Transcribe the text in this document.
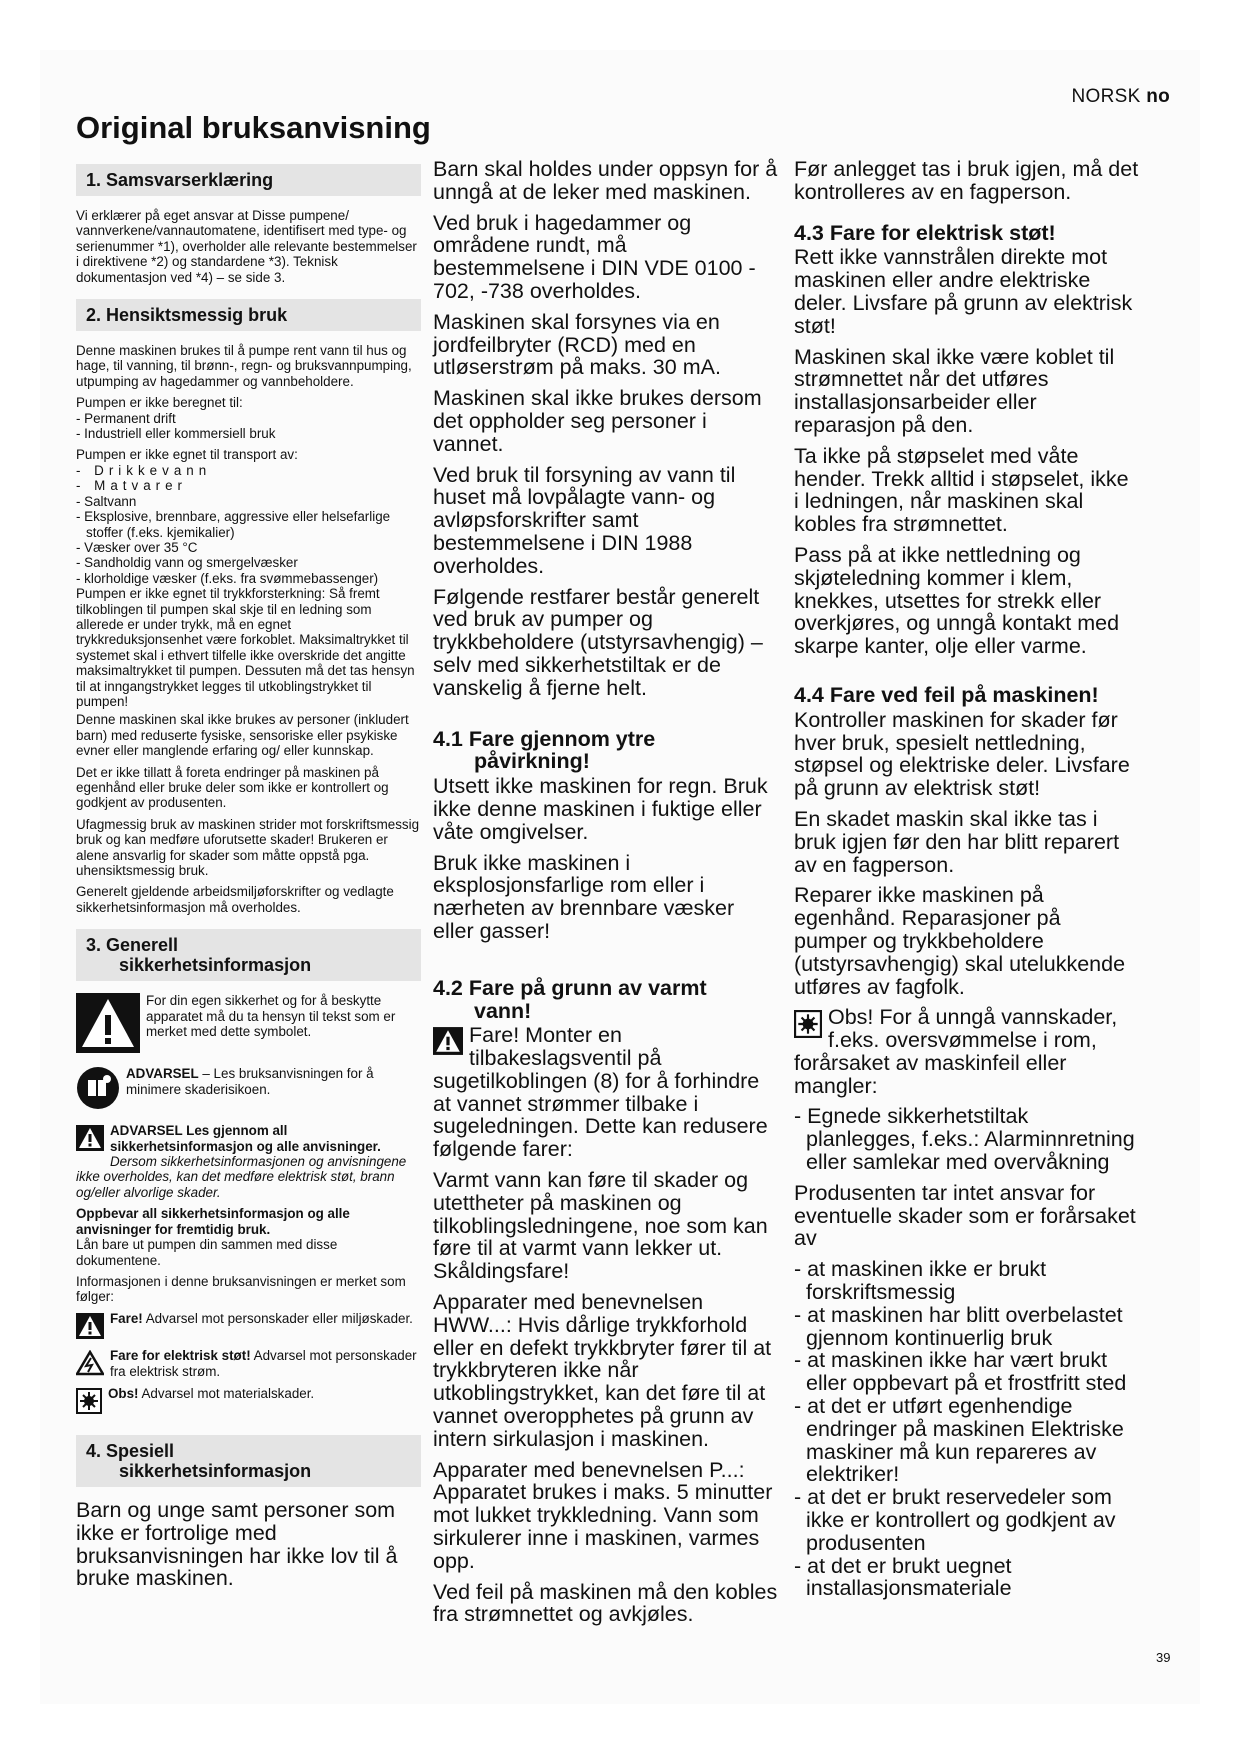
NORSK no
Original bruksanvisning
1. Samsvarserklæring

Vi erklærer på eget ansvar at Disse pumpene/ vannverkene/vannautomatene, identifisert med type- og serienummer *1), overholder alle relevante bestemmelser i direktivene *2) og standardene *3). Teknisk dokumentasjon ved *4) – se side 3.

2. Hensiktsmessig bruk

Denne maskinen brukes til å pumpe rent vann til hus og hage, til vanning, til brønn-, regn- og bruksvannpumping, utpumping av hagedammer og vannbeholdere.

Pumpen er ikke beregnet til:
- Permanent drift
- Industriell eller kommersiell bruk
Pumpen er ikke egnet til transport av:
- Drikkevann
- Matvarer
- Saltvann
- Eksplosive, brennbare, aggressive eller helsefarlige stoffer (f.eks. kjemikalier)
- Væsker over 35 °C
- Sandholdig vann og smergelvæsker
- klorholdige væsker (f.eks. fra svømmebassenger)

Pumpen er ikke egnet til trykkforsterkning: Så fremt tilkoblingen til pumpen skal skje til en ledning som allerede er under trykk, må en egnet trykkreduksjonsenhet være forkoblet. Maksimaltrykket til systemet skal i ethvert tilfelle ikke overskride det angitte maksimaltrykket til pumpen. Dessuten må det tas hensyn til at inngangstrykket legges til utkoblingstrykket til pumpen!

Denne maskinen skal ikke brukes av personer (inkludert barn) med reduserte fysiske, sensoriske eller psykiske evner eller manglende erfaring og/ eller kunnskap.

Det er ikke tillatt å foreta endringer på maskinen på egenhånd eller bruke deler som ikke er kontrollert og godkjent av produsenten.

Ufagmessig bruk av maskinen strider mot forskriftsmessig bruk og kan medføre uforutsette skader! Brukeren er alene ansvarlig for skader som måtte oppstå pga. uhensiktsmessig bruk.

Generelt gjeldende arbeidsmiljøforskrifter og vedlagte sikkerhetsinformasjon må overholdes.

3. Generell
sikkerhetsinformasjon

For din egen sikkerhet og for å beskytte apparatet må du ta hensyn til tekst som er merket med dette symbolet.

ADVARSEL – Les bruksanvisningen for å minimere skaderisikoen.

ADVARSEL Les gjennom all sikkerhetsinformasjon og alle anvisninger. Dersom sikkerhetsinformasjonen og anvisningene ikke overholdes, kan det medføre elektrisk støt, brann og/eller alvorlige skader.

Oppbevar all sikkerhetsinformasjon og alle anvisninger for fremtidig bruk.
Lån bare ut pumpen din sammen med disse dokumentene.

Informasjonen i denne bruksanvisningen er merket som følger:

Fare! Advarsel mot personskader eller miljøskader.
Fare for elektrisk støt! Advarsel mot personskader fra elektrisk strøm.
Obs! Advarsel mot materialskader.
4. Spesiell
sikkerhetsinformasjon

Barn og unge samt personer som ikke er fortrolige med bruksanvisningen har ikke lov til å bruke maskinen.

Barn skal holdes under oppsyn for å unngå at de leker med maskinen.

Ved bruk i hagedammer og områdene rundt, må bestemmelsene i DIN VDE 0100 - 702, -738 overholdes.

Maskinen skal forsynes via en jordfeilbryter (RCD) med en utløserstrøm på maks. 30 mA.

Maskinen skal ikke brukes dersom det oppholder seg personer i vannet.

Ved bruk til forsyning av vann til huset må lovpålagte vann- og avløpsforskrifter samt bestemmelsene i DIN 1988 overholdes.

Følgende restfarer består generelt ved bruk av pumper og trykkbeholdere (utstyrsavhengig) – selv med sikkerhetstiltak er de vanskelig å fjerne helt.

4.1 Fare gjennom ytre
påvirkning!

Utsett ikke maskinen for regn. Bruk ikke denne maskinen i fuktige eller våte omgivelser.

Bruk ikke maskinen i eksplosjonsfarlige rom eller i nærheten av brennbare væsker eller gasser!

4.2 Fare på grunn av varmt
vann!
Fare! Monter en tilbakeslagsventil på sugetilkoblingen (8) for å forhindre at vannet strømmer tilbake i sugeledningen. Dette kan redusere følgende farer:

Varmt vann kan føre til skader og utettheter på maskinen og tilkoblingsledningene, noe som kan føre til at varmt vann lekker ut. Skåldingsfare!

Apparater med benevnelsen HWW...: Hvis dårlige trykkforhold eller en defekt trykkbryter fører til at trykkbryteren ikke når utkoblingstrykket, kan det føre til at vannet overopphetes på grunn av intern sirkulasjon i maskinen.

Apparater med benevnelsen P...: Apparatet brukes i maks. 5 minutter mot lukket trykkledning. Vann som sirkulerer inne i maskinen, varmes opp.

Ved feil på maskinen må den kobles fra strømnettet og avkjøles.

Før anlegget tas i bruk igjen, må det kontrolleres av en fagperson.

4.3 Fare for elektrisk støt!

Rett ikke vannstrålen direkte mot maskinen eller andre elektriske deler. Livsfare på grunn av elektrisk støt!

Maskinen skal ikke være koblet til strømnettet når det utføres installasjonsarbeider eller reparasjon på den.

Ta ikke på støpselet med våte hender. Trekk alltid i støpselet, ikke i ledningen, når maskinen skal kobles fra strømnettet.

Pass på at ikke nettledning og skjøteledning kommer i klem, knekkes, utsettes for strekk eller overkjøres, og unngå kontakt med skarpe kanter, olje eller varme.

4.4 Fare ved feil på maskinen!

Kontroller maskinen for skader før hver bruk, spesielt nettledning, støpsel og elektriske deler. Livsfare på grunn av elektrisk støt!

En skadet maskin skal ikke tas i bruk igjen før den har blitt reparert av en fagperson.

Reparer ikke maskinen på egenhånd. Reparasjoner på pumper og trykkbeholdere (utstyrsavhengig) skal utelukkende utføres av fagfolk.

Obs! For å unngå vannskader, f.eks. oversvømmelse i rom, forårsaket av maskinfeil eller mangler:
- Egnede sikkerhetstiltak planlegges, f.eks.: Alarminnretning eller samlekar med overvåkning

Produsenten tar intet ansvar for eventuelle skader som er forårsaket av

- at maskinen ikke er brukt forskriftsmessig
- at maskinen har blitt overbelastet gjennom kontinuerlig bruk
- at maskinen ikke har vært brukt eller oppbevart på et frostfritt sted
- at det er utført egenhendige endringer på maskinen Elektriske maskiner må kun repareres av elektriker!
- at det er brukt reservedeler som ikke er kontrollert og godkjent av produsenten
- at det er brukt uegnet installasjonsmateriale
39
